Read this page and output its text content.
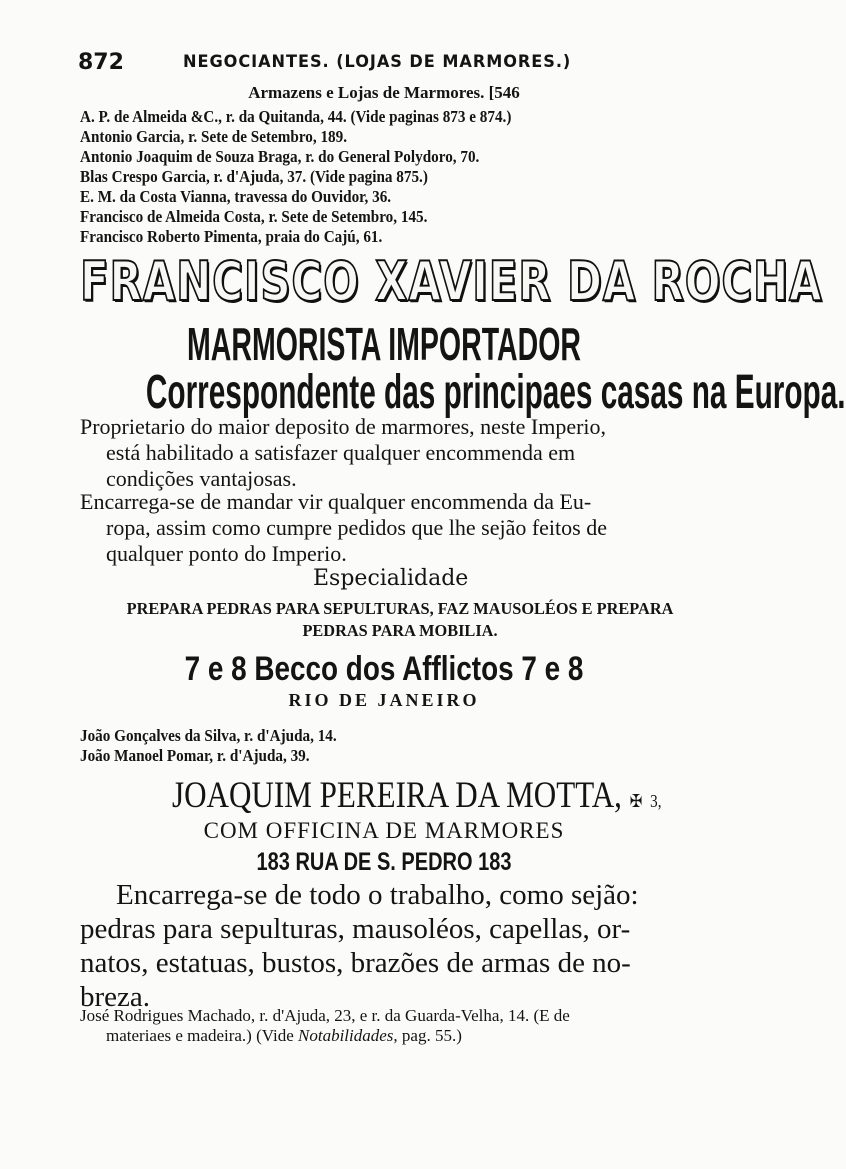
872	NEGOCIANTES. (LOJAS DE MARMORES.)
Armazens e Lojas de Marmores. [546
A. P. de Almeida &C., r. da Quitanda, 44. (Vide paginas 873 e 874.)
Antonio Garcia, r. Sete de Setembro, 189.
Antonio Joaquim de Souza Braga, r. do General Polydoro, 70.
Blas Crespo Garcia, r. d'Ajuda, 37. (Vide pagina 875.)
E. M. da Costa Vianna, travessa do Ouvidor, 36.
Francisco de Almeida Costa, r. Sete de Setembro, 145.
Francisco Roberto Pimenta, praia do Cajú, 61.
FRANCISCO XAVIER DA ROCHA
MARMORISTA IMPORTADOR
Correspondente das principaes casas na Europa.
Proprietario do maior deposito de marmores, neste Imperio,
está habilitado a satisfazer qualquer encommenda em
condições vantajosas.
Encarrega-se de mandar vir qualquer encommenda da Eu-
ropa, assim como cumpre pedidos que lhe sejão feitos de
qualquer ponto do Imperio.
Especialidade
PREPARA PEDRAS PARA SEPULTURAS, FAZ MAUSOLÉOS E PREPARA
PEDRAS PARA MOBILIA.
7 e 8 Becco dos Afflictos 7 e 8
RIO DE JANEIRO
João Gonçalves da Silva, r. d'Ajuda, 14.
João Manoel Pomar, r. d'Ajuda, 39.
JOAQUIM PEREIRA DA MOTTA, ✠ 3,
COM OFFICINA DE MARMORES
183 RUA DE S. PEDRO 183
Encarrega-se de todo o trabalho, como sejão:
pedras para sepulturas, mausoléos, capellas, or-
natos, estatuas, bustos, brazões de armas de no-
breza.
José Rodrigues Machado, r. d'Ajuda, 23, e r. da Guarda-Velha, 14. (E de
materiaes e madeira.) (Vide Notabilidades, pag. 55.)
